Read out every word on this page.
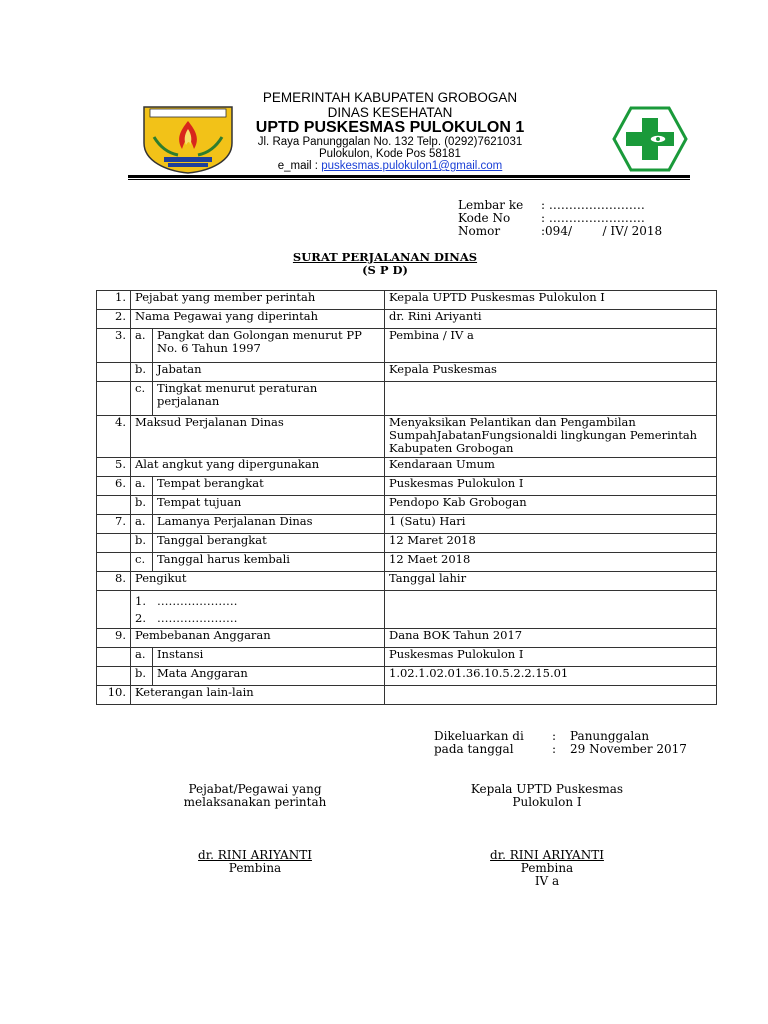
PEMERINTAH KABUPATEN GROBOGAN
DINAS KESEHATAN
UPTD PUSKESMAS PULOKULON 1
Jl. Raya Panunggalan No. 132 Telp. (0292)7621031
Pulokulon, Kode Pos 58181
e_mail : puskesmas.pulokulon1@gmail.com
Lembar ke : ……………………
Kode No	: ……………………
Nomor	:094/        / IV/ 2018
SURAT PERJALANAN DINAS
(S P D)
1.	Pejabat yang member perintah		Kepala UPTD Puskesmas Pulokulon I
2.	Nama Pegawai yang diperintah		dr. Rini Ariyanti
3.	a.	Pangkat dan Golongan menurut PP No. 6 Tahun 1997	Pembina / IV a
	b.	Jabatan	Kepala Puskesmas
	c.	Tingkat menurut peraturan perjalanan	
4.	Maksud Perjalanan Dinas		Menyaksikan Pelantikan dan Pengambilan SumpahJabatanFungsionaldi lingkungan Pemerintah Kabupaten Grobogan
5.	Alat angkut yang dipergunakan		Kendaraan Umum
6.	a.	Tempat berangkat	Puskesmas Pulokulon I
	b.	Tempat tujuan	Pendopo Kab Grobogan
7.	a.	Lamanya Perjalanan Dinas	1 (Satu) Hari
	b.	Tanggal berangkat	12 Maret 2018
	c.	Tanggal harus kembali	12 Maet 2018
8.	Pengikut		Tanggal lahir

	1.   …………………
2.   …………………		

9.	Pembebanan Anggaran		Dana BOK Tahun 2017
	a.	Instansi	Puskesmas Pulokulon I
	b.	Mata Anggaran	1.02.1.02.01.36.10.5.2.2.15.01
10.	Keterangan lain-lain		
Dikeluarkan di : Panunggalan
pada tanggal	: 29 November 2017
Pejabat/Pegawai yang
melaksanakan perintah
dr. RINI ARIYANTI
Pembina
Kepala UPTD Puskesmas
Pulokulon I
dr. RINI ARIYANTI
Pembina
IV a
